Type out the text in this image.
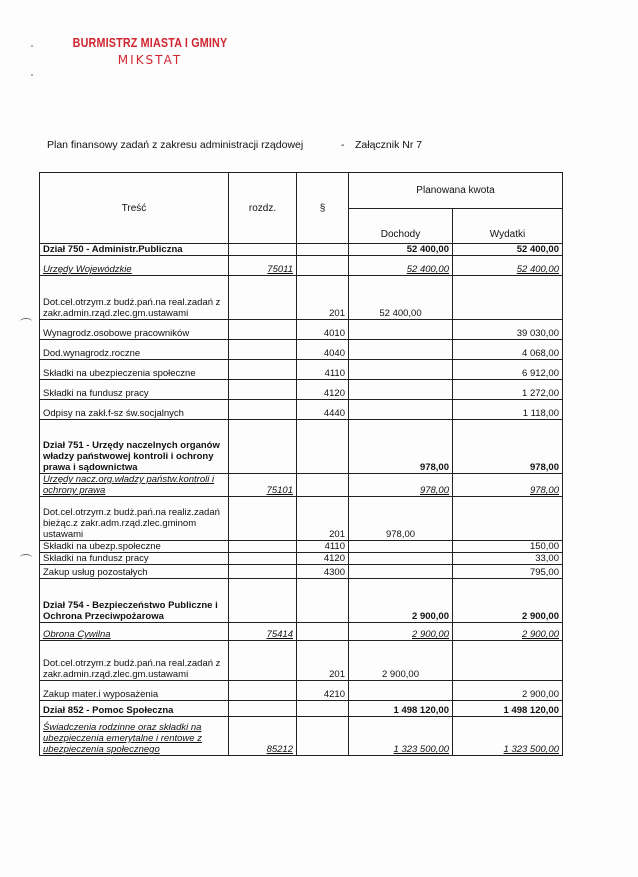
BURMISTRZ MIASTA I GMINY
MIKSTAT
Plan finansowy zadań z zakresu administracji rządowej	- Załącznik Nr 7
Treść	rozdz.	§	Planowana kwota	
			Dochody	Wydatki
Dział 750 - Administr.Publiczna			52 400,00	52 400,00
Urzędy Wojewódzkie	75011		52 400,00	52 400,00
Dot.cel.otrzym.z budż.pań.na real.zadań z zakr.admin.rząd.zlec.gm.ustawami		201	52 400,00	
Wynagrodz.osobowe pracowników		4010		39 030,00
Dod.wynagrodz.roczne		4040		4 068,00
Składki na ubezpieczenia społeczne		4110		6 912,00
Składki na fundusz pracy		4120		1 272,00
Odpisy na zakł.f-sz św.socjalnych		4440		1 118,00
Dział 751 - Urzędy naczelnych organów władzy państwowej kontroli i ochrony prawa i sądownictwa			978,00	978,00
Urzędy nacz.org.władzy państw.kontroli i ochrony prawa	75101		978,00	978,00
Dot.cel.otrzym.z budż.pań.na realiz.zadań bieżąc.z zakr.adm.rząd.zlec.gminom ustawami		201	978,00	
Składki na ubezp.społeczne		4110		150,00
Składki na fundusz pracy		4120		33,00
Zakup usług pozostałych		4300		795,00
Dział 754 - Bezpieczeństwo Publiczne i Ochrona Przeciwpożarowa			2 900,00	2 900,00
Obrona Cywilna	75414		2 900,00	2 900,00
Dot.cel.otrzym.z budż.pań.na real.zadań z zakr.admin.rząd.zlec.gm.ustawami		201	2 900,00	
Zakup mater.i wyposażenia		4210		2 900,00
Dział 852 - Pomoc Społeczna			1 498 120,00	1 498 120,00
Świadczenia rodzinne oraz składki na ubezpieczenia emerytalne i rentowe z ubezpieczenia społecznego	85212		1 323 500,00	1 323 500,00
